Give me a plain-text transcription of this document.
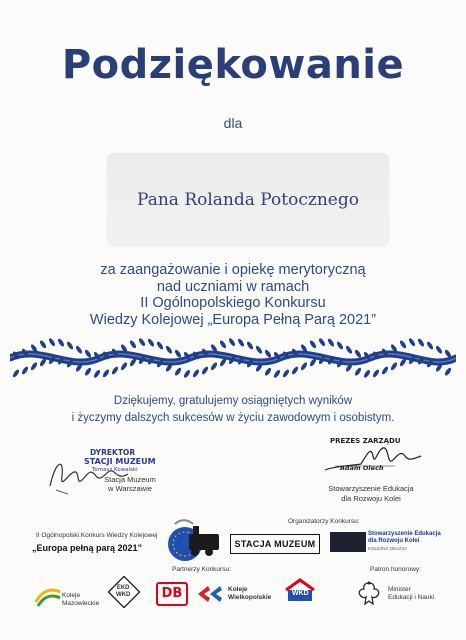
Podziękowanie
dla
Pana Rolanda Potocznego
za zaangażowanie i opiekę merytoryczną
nad uczniami w ramach
II Ogólnopolskiego Konkursu
Wiedzy Kolejowej „Europa Pełną Parą 2021”
Dziękujemy, gratulujemy osiągniętych wyników
i życzymy dalszych sukcesów w życiu zawodowym i osobistym.
DYREKTOR
STACJI MUZEUM
Tomasz Kowalski
Stacja Muzeum
w Warszawie
PREZES ZARZĄDU
Adam Olech
Stowarzyszenie Edukacja
dla Rozwoju Kolei
II Ogólnopolski Konkurs Wiedzy Kolejowej
„Europa pełną parą 2021”
Organizatorzy Konkursu:
STACJA MUZEUM
Stowarzyszenie Edukacja
dla Rozwoju Kolei
KOLEJNA OKAZJA
Partnerzy Konkursu:	Patron honorowy:
Koleje
Mazowieckie
EKD
WKD	DB	Koleje
Wielkopolskie
WKD
Minister
Edukacji i Nauki
